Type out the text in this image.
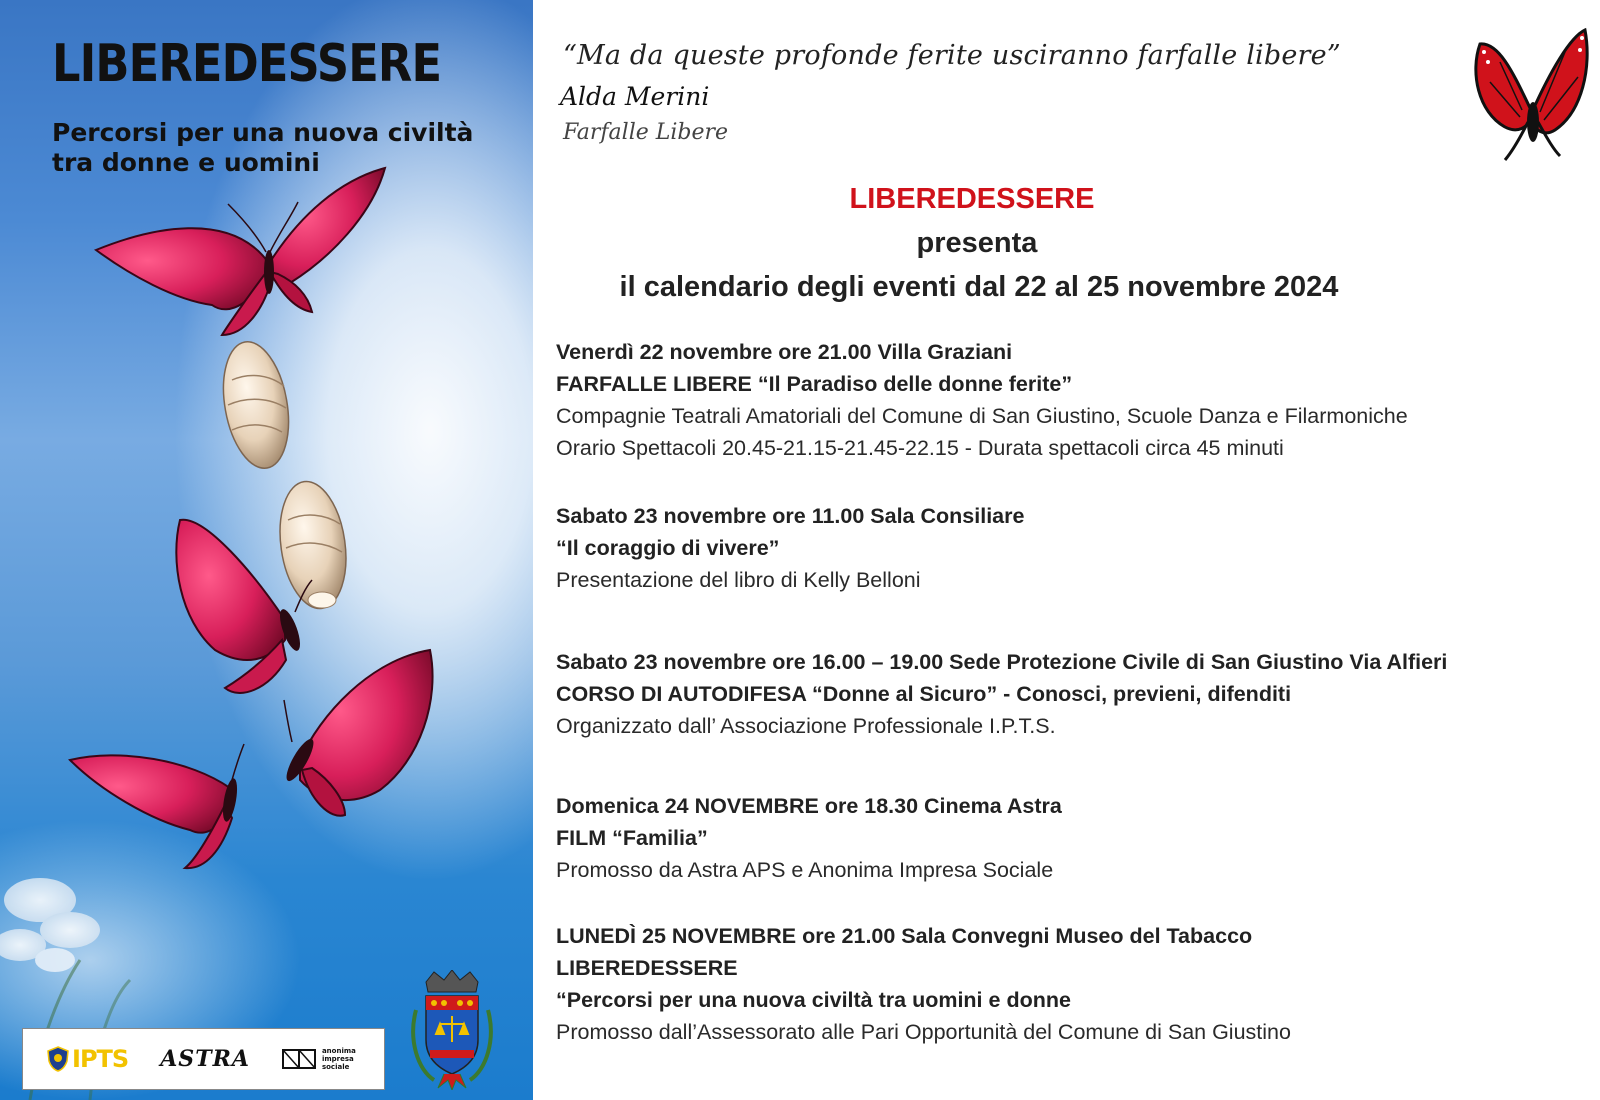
LIBEREDESSERE
Percorsi per una nuova civiltà
tra donne e uomini
IPTS ASTRA	anonima impresa sociale
“Ma da queste profonde ferite usciranno farfalle libere”
Alda Merini
Farfalle Libere
LIBEREDESSERE
presenta
il calendario degli eventi dal 22 al 25 novembre 2024
Venerdì 22 novembre ore 21.00 Villa Graziani
FARFALLE LIBERE “Il Paradiso delle donne ferite”
Compagnie Teatrali Amatoriali del Comune di San Giustino, Scuole Danza e Filarmoniche
Orario Spettacoli 20.45-21.15-21.45-22.15 - Durata spettacoli circa 45 minuti
Sabato 23 novembre ore 11.00 Sala Consiliare
“Il coraggio di vivere”
Presentazione del libro di Kelly Belloni
Sabato 23 novembre ore 16.00 – 19.00 Sede Protezione Civile di San Giustino Via Alfieri
CORSO DI AUTODIFESA “Donne al Sicuro” - Conosci, previeni, difenditi
Organizzato dall’ Associazione Professionale I.P.T.S.
Domenica 24 NOVEMBRE ore 18.30 Cinema Astra
FILM “Familia”
Promosso da Astra APS e Anonima Impresa Sociale
LUNEDÌ 25 NOVEMBRE ore 21.00 Sala Convegni Museo del Tabacco
LIBEREDESSERE
“Percorsi per una nuova civiltà tra uomini e donne
Promosso dall’Assessorato alle Pari Opportunità del Comune di San Giustino
